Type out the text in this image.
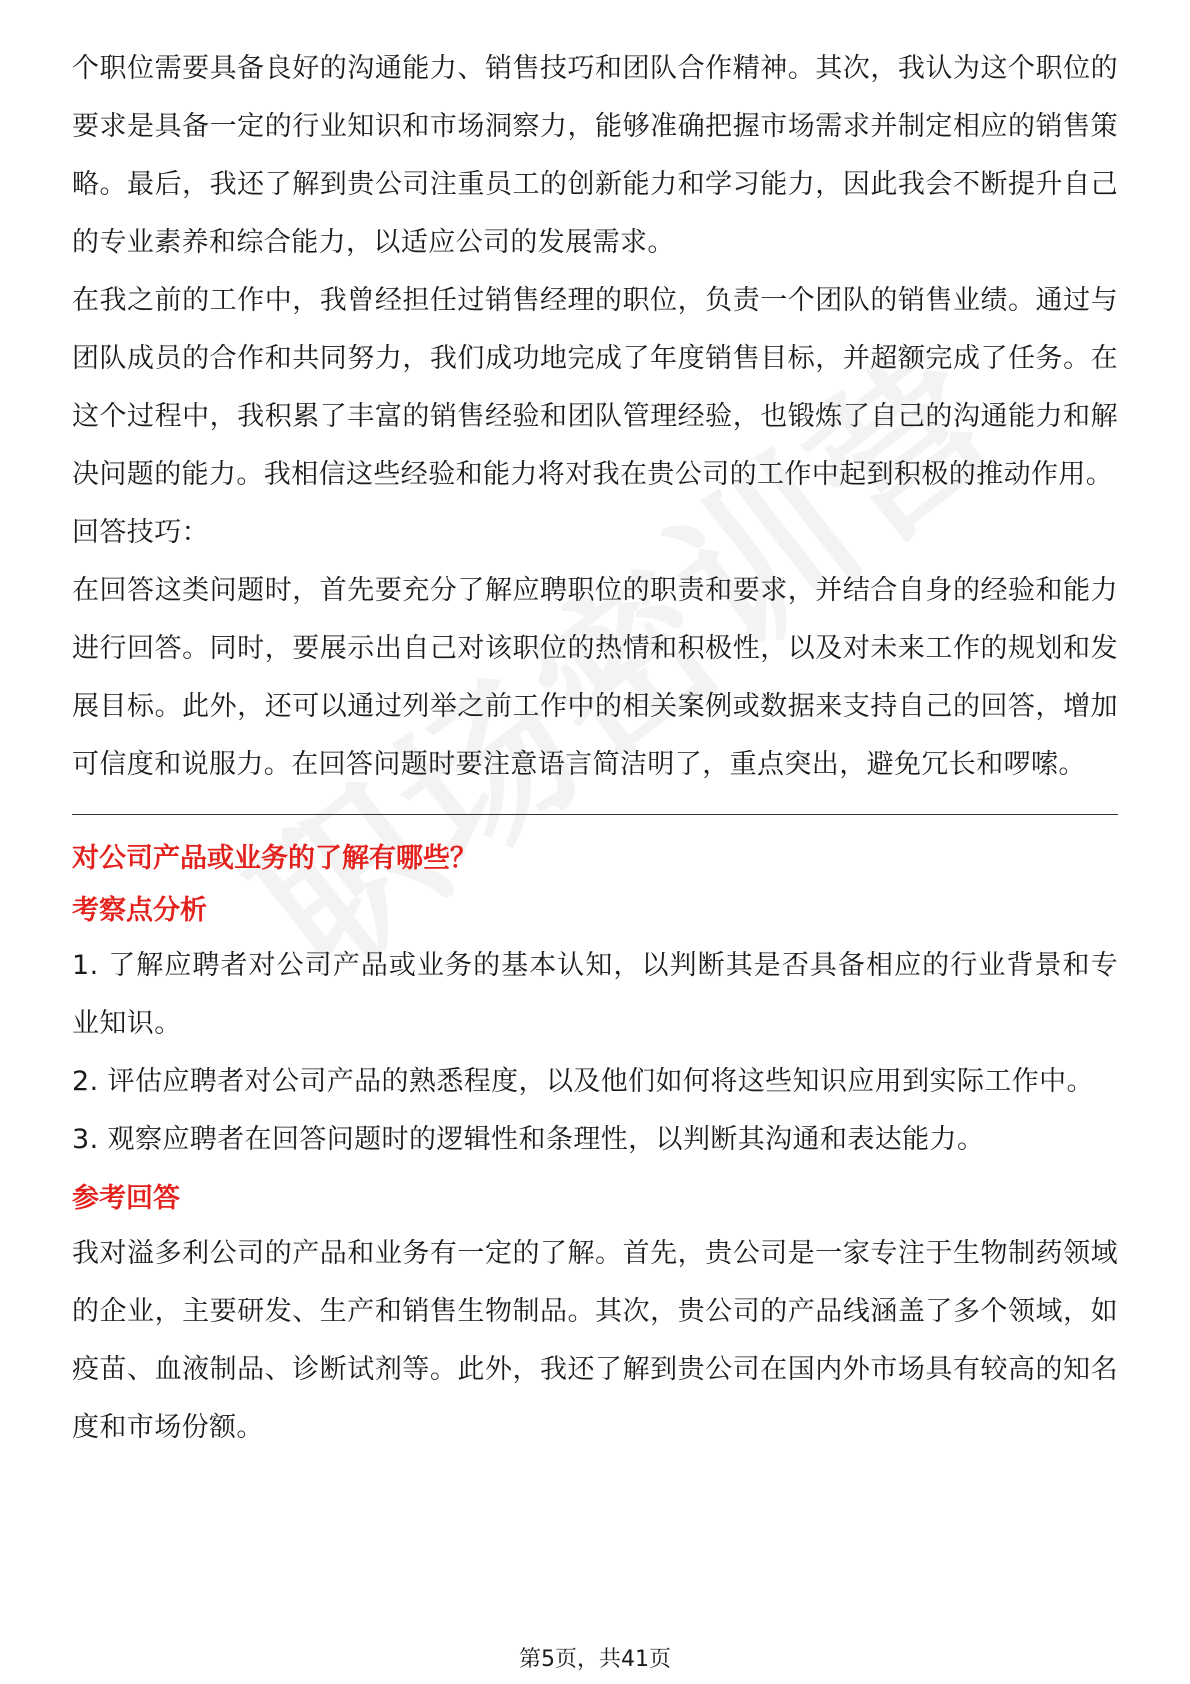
个职位需要具备良好的沟通能力、销售技巧和团队合作精神。其次，我认为这个职位的要求是具备一定的行业知识和市场洞察力，能够准确把握市场需求并制定相应的销售策略。最后，我还了解到贵公司注重员工的创新能力和学习能力，因此我会不断提升自己的专业素养和综合能力，以适应公司的发展需求。

在我之前的工作中，我曾经担任过销售经理的职位，负责一个团队的销售业绩。通过与团队成员的合作和共同努力，我们成功地完成了年度销售目标，并超额完成了任务。在这个过程中，我积累了丰富的销售经验和团队管理经验，也锻炼了自己的沟通能力和解决问题的能力。我相信这些经验和能力将对我在贵公司的工作中起到积极的推动作用。

回答技巧：

在回答这类问题时，首先要充分了解应聘职位的职责和要求，并结合自身的经验和能力进行回答。同时，要展示出自己对该职位的热情和积极性，以及对未来工作的规划和发展目标。此外，还可以通过列举之前工作中的相关案例或数据来支持自己的回答，增加可信度和说服力。在回答问题时要注意语言简洁明了，重点突出，避免冗长和啰嗦。

对公司产品或业务的了解有哪些？

考察点分析

1. 了解应聘者对公司产品或业务的基本认知，以判断其是否具备相应的行业背景和专业知识。

2. 评估应聘者对公司产品的熟悉程度，以及他们如何将这些知识应用到实际工作中。

3. 观察应聘者在回答问题时的逻辑性和条理性，以判断其沟通和表达能力。

参考回答

我对溢多利公司的产品和业务有一定的了解。首先，贵公司是一家专注于生物制药领域的企业，主要研发、生产和销售生物制品。其次，贵公司的产品线涵盖了多个领域，如疫苗、血液制品、诊断试剂等。此外，我还了解到贵公司在国内外市场具有较高的知名度和市场份额。

第5页，共41页
